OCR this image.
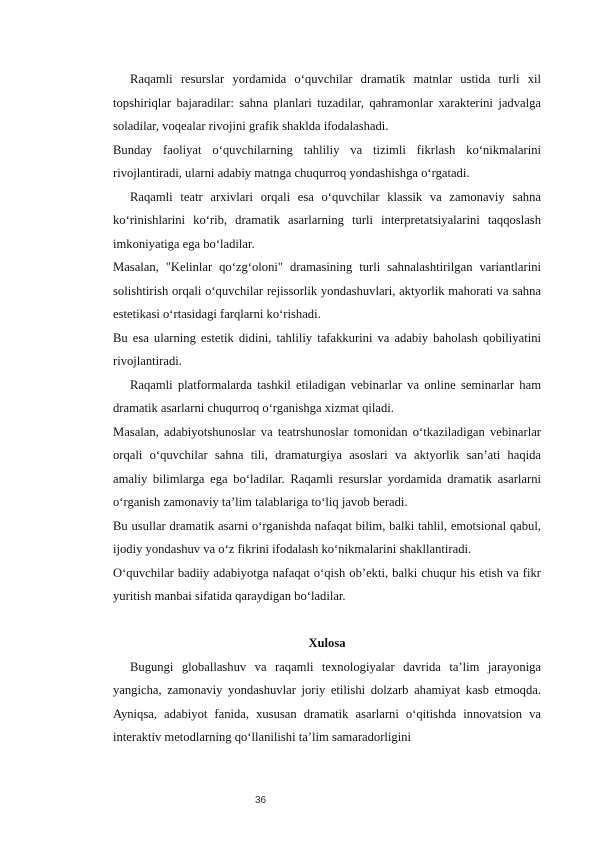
Raqamli resurslar yordamida o‘quvchilar dramatik matnlar ustida turli xil topshiriqlar bajaradilar: sahna planlari tuzadilar, qahramonlar xarakterini jadvalga soladilar, voqealar rivojini grafik shaklda ifodalashadi.

Bunday faoliyat o‘quvchilarning tahliliy va tizimli fikrlash ko‘nikmalarini rivojlantiradi, ularni adabiy matnga chuqurroq yondashishga o‘rgatadi.

Raqamli teatr arxivlari orqali esa o‘quvchilar klassik va zamonaviy sahna ko‘rinishlarini ko‘rib, dramatik asarlarning turli interpretatsiyalarini taqqoslash imkoniyatiga ega bo‘ladilar.

Masalan, "Kelinlar qo‘zg‘oloni" dramasining turli sahnalashtirilgan variantlarini solishtirish orqali o‘quvchilar rejissorlik yondashuvlari, aktyorlik mahorati va sahna estetikasi o‘rtasidagi farqlarni ko‘rishadi.

Bu esa ularning estetik didini, tahliliy tafakkurini va adabiy baholash qobiliyatini rivojlantiradi.

Raqamli platformalarda tashkil etiladigan vebinarlar va online seminarlar ham dramatik asarlarni chuqurroq o‘rganishga xizmat qiladi.

Masalan, adabiyotshunoslar va teatrshunoslar tomonidan o‘tkaziladigan vebinarlar orqali o‘quvchilar sahna tili, dramaturgiya asoslari va aktyorlik san’ati haqida amaliy bilimlarga ega bo‘ladilar. Raqamli resurslar yordamida dramatik asarlarni o‘rganish zamonaviy ta’lim talablariga to‘liq javob beradi.

Bu usullar dramatik asarni o‘rganishda nafaqat bilim, balki tahlil, emotsional qabul, ijodiy yondashuv va o‘z fikrini ifodalash ko‘nikmalarini shakllantiradi.

O‘quvchilar badiiy adabiyotga nafaqat o‘qish ob’ekti, balki chuqur his etish va fikr yuritish manbai sifatida qaraydigan bo‘ladilar.

Xulosa

Bugungi globallashuv va raqamli texnologiyalar davrida ta’lim jarayoniga yangicha, zamonaviy yondashuvlar joriy etilishi dolzarb ahamiyat kasb etmoqda. Ayniqsa, adabiyot fanida, xususan dramatik asarlarni o‘qitishda innovatsion va interaktiv metodlarning qo‘llanilishi ta’lim samaradorligini

36
